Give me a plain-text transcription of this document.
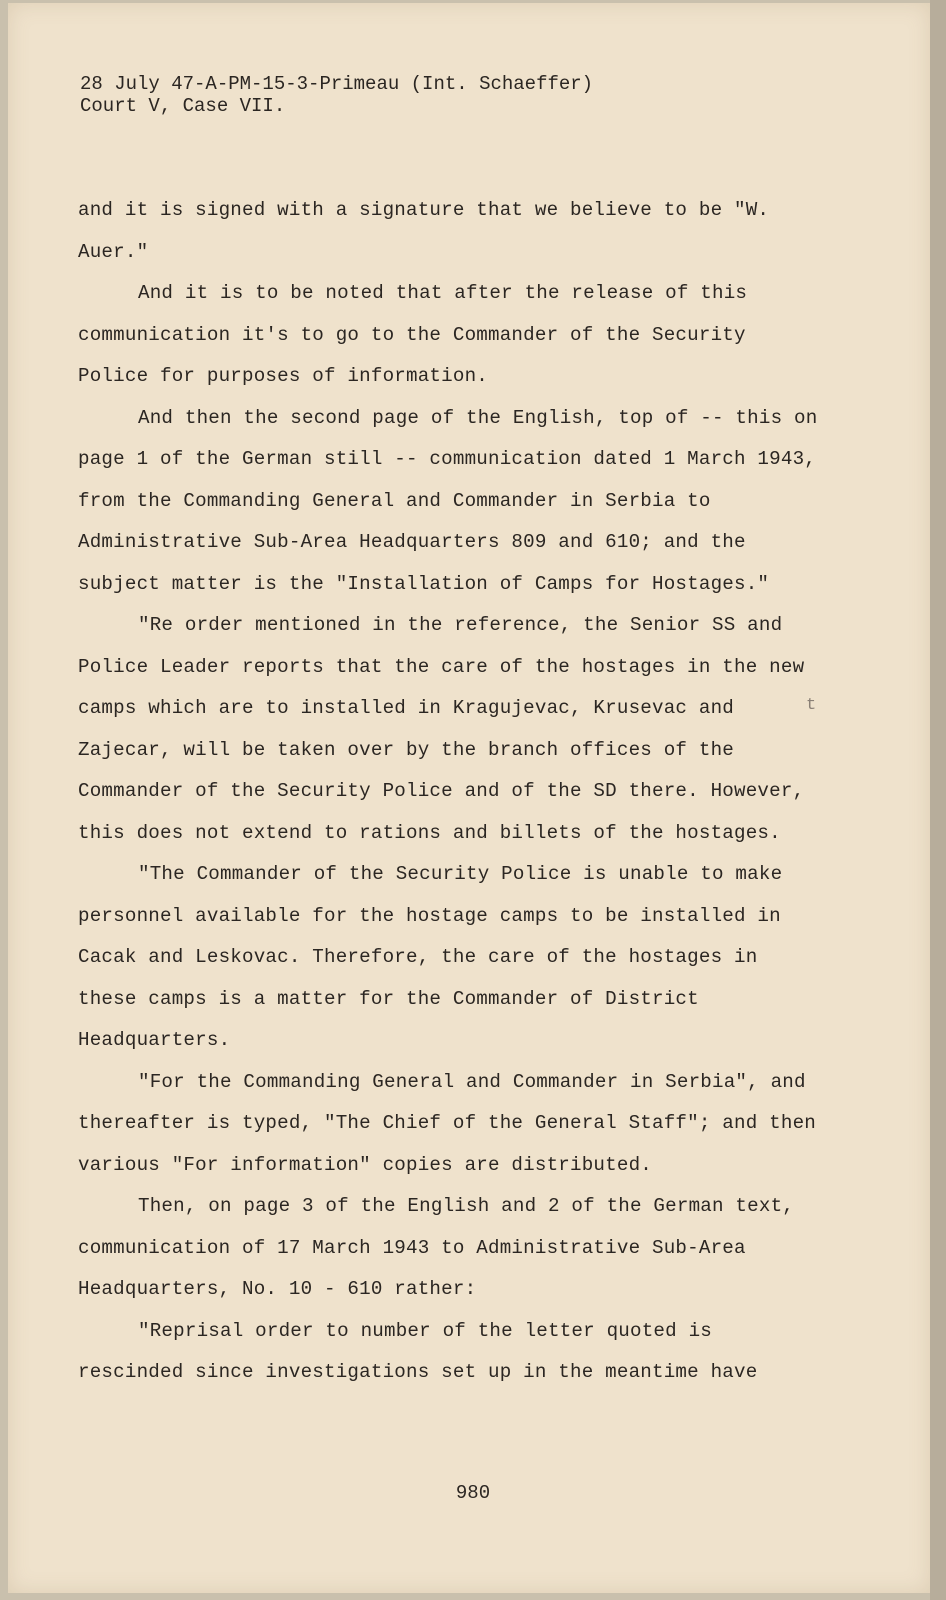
28 July 47-A-PM-15-3-Primeau (Int. Schaeffer)
Court V, Case VII.

and it is signed with a signature that we believe to be "W. Auer."

And it is to be noted that after the release of this communication it's to go to the Commander of the Security Police for purposes of information.

And then the second page of the English, top of -- this on page 1 of the German still -- communication dated 1 March 1943, from the Commanding General and Commander in Serbia to Administrative Sub-Area Headquarters 809 and 610; and the subject matter is the "Installation of Camps for Hostages."

"Re order mentioned in the reference, the Senior SS and Police Leader reports that the care of the hostages in the new camps which are to installed in Kragujevac, Krusevac and Zajecar, will be taken over by the branch offices of the Commander of the Security Police and of the SD there. However, this does not extend to rations and billets of the hostages.

"The Commander of the Security Police is unable to make personnel available for the hostage camps to be installed in Cacak and Leskovac. Therefore, the care of the hostages in these camps is a matter for the Commander of District Headquarters.

"For the Commanding General and Commander in Serbia", and thereafter is typed, "The Chief of the General Staff"; and then various "For information" copies are distributed.

Then, on page 3 of the English and 2 of the German text, communication of 17 March 1943 to Administrative Sub-Area Headquarters, No. 10 - 610 rather:

"Reprisal order to number of the letter quoted is rescinded since investigations set up in the meantime have

t
980
